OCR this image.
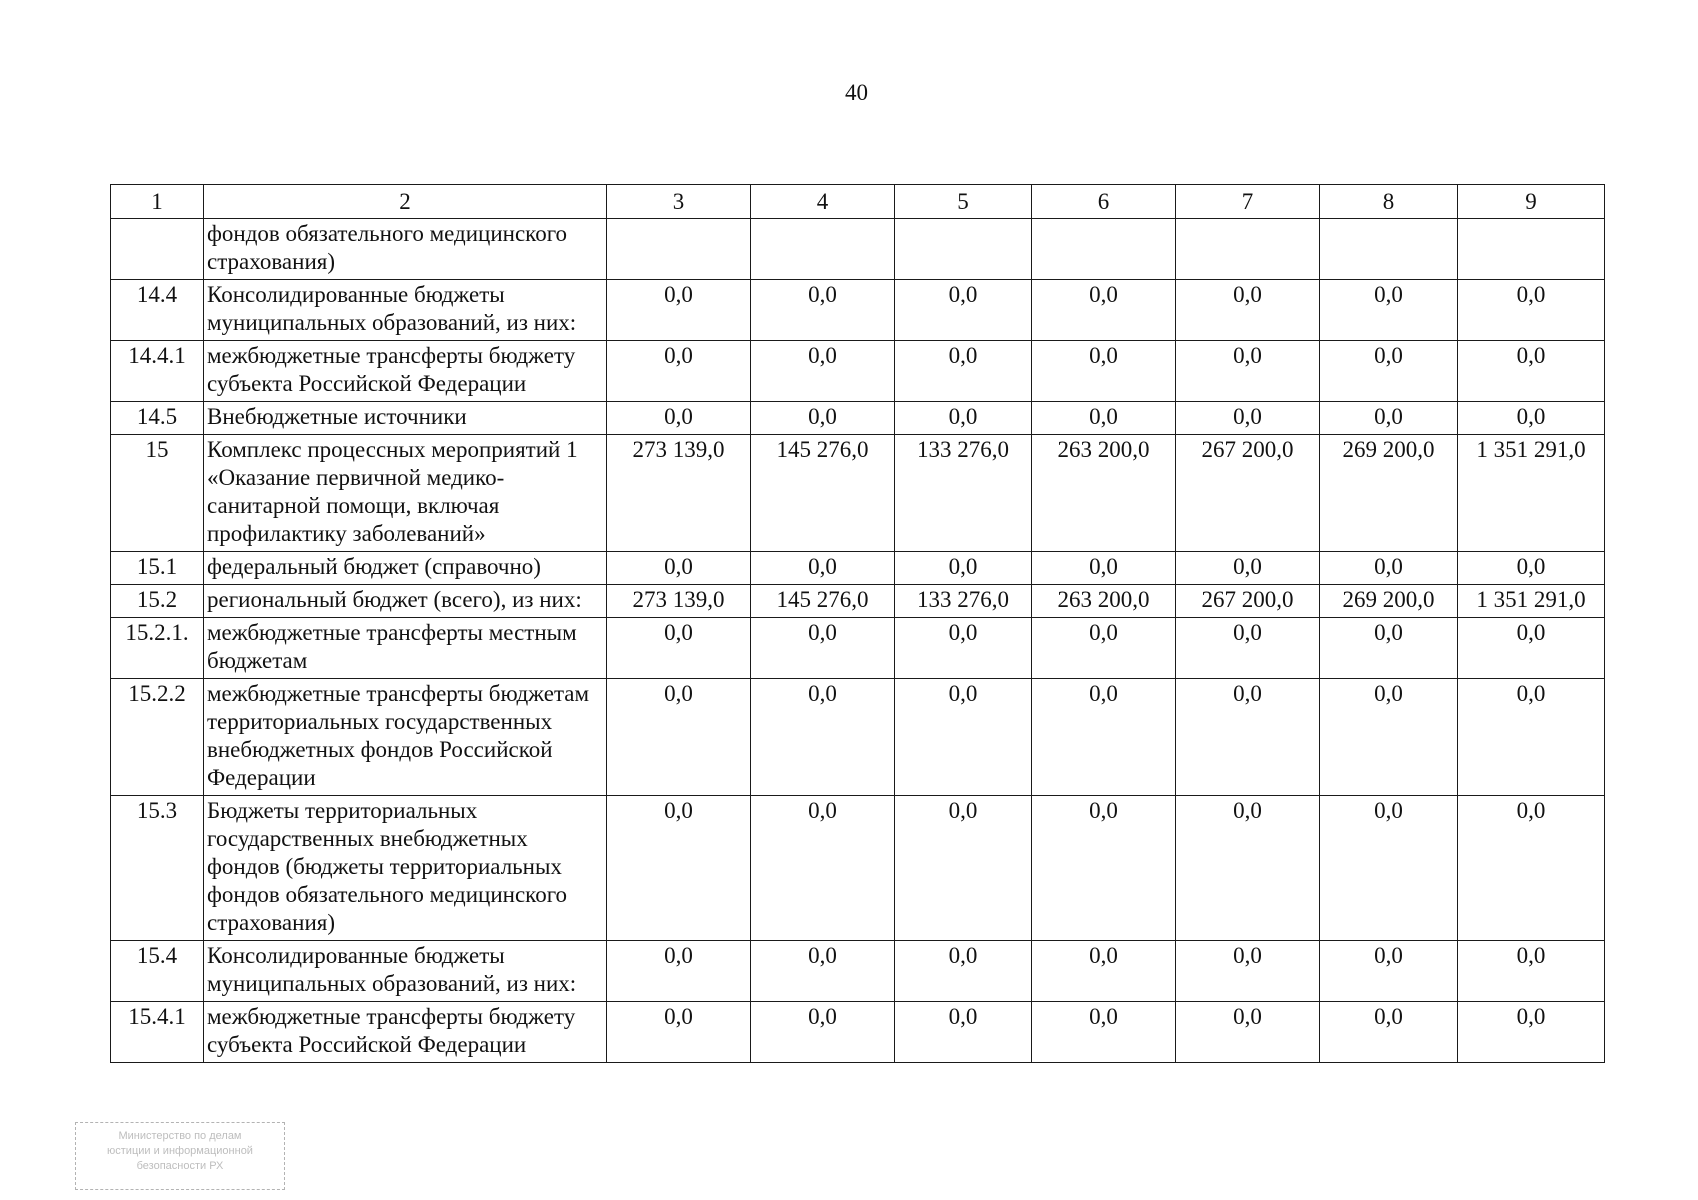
40
1	2	3	4	5	6	7	8	9
	фондов обязательного медицинского страхования)							
14.4	Консолидированные бюджеты муниципальных образований, из них:	0,0	0,0	0,0	0,0	0,0	0,0	0,0
14.4.1	межбюджетные трансферты бюджету субъекта Российской Федерации	0,0	0,0	0,0	0,0	0,0	0,0	0,0
14.5	Внебюджетные источники	0,0	0,0	0,0	0,0	0,0	0,0	0,0
15	Комплекс процессных мероприятий 1 «Оказание первичной медико-санитарной помощи, включая профилактику заболеваний»	273 139,0	145 276,0	133 276,0	263 200,0	267 200,0	269 200,0	1 351 291,0
15.1	федеральный бюджет (справочно)	0,0	0,0	0,0	0,0	0,0	0,0	0,0
15.2	региональный бюджет (всего), из них:	273 139,0	145 276,0	133 276,0	263 200,0	267 200,0	269 200,0	1 351 291,0
15.2.1.	межбюджетные трансферты местным бюджетам	0,0	0,0	0,0	0,0	0,0	0,0	0,0
15.2.2	межбюджетные трансферты бюджетам территориальных государственных внебюджетных фондов Российской Федерации	0,0	0,0	0,0	0,0	0,0	0,0	0,0
15.3	Бюджеты территориальных государственных внебюджетных фондов (бюджеты территориальных фондов обязательного медицинского страхования)	0,0	0,0	0,0	0,0	0,0	0,0	0,0
15.4	Консолидированные бюджеты муниципальных образований, из них:	0,0	0,0	0,0	0,0	0,0	0,0	0,0
15.4.1	межбюджетные трансферты бюджету субъекта Российской Федерации	0,0	0,0	0,0	0,0	0,0	0,0	0,0
Министерство по делам
юстиции и информационной
безопасности РХ
